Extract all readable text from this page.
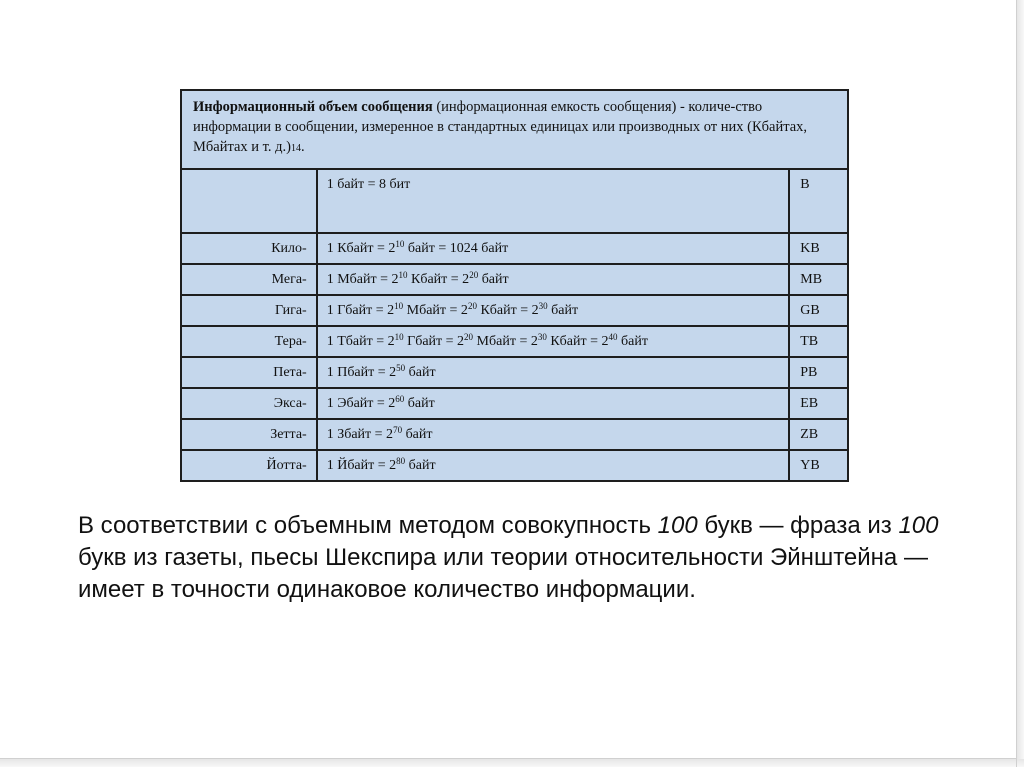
Информационный объем сообщения (информационная емкость сообщения) - количе-ство информации в сообщении, измеренное в стандартных единицах или производных от них (Кбайтах, Мбайтах и т. д.)14.		
	1 байт = 8 бит	B
Кило-	1 Кбайт = $2^{10}$ байт = 1024 байт	KB
Мега-	1 Мбайт = $2^{10}$ Кбайт = $2^{20}$ байт	MB
Гига-	1 Гбайт = $2^{10}$ Мбайт = $2^{20}$ Кбайт = $2^{30}$ байт	GB
Тера-	1 Тбайт = $2^{10}$ Гбайт = $2^{20}$ Мбайт = $2^{30}$ Кбайт = $2^{40}$ байт	TB
Пета-	1 Пбайт = $2^{50}$ байт	PB
Экса-	1 Эбайт = $2^{60}$ байт	EB
Зетта-	1 Збайт = $2^{70}$ байт	ZB
Йотта-	1 Йбайт = $2^{80}$ байт	YB
В соответствии с объемным методом совокупность 100 букв — фраза из 100 букв из газеты, пьесы Шекспира или теории относительности Эйнштейна — имеет в точности одинаковое количество информации.
